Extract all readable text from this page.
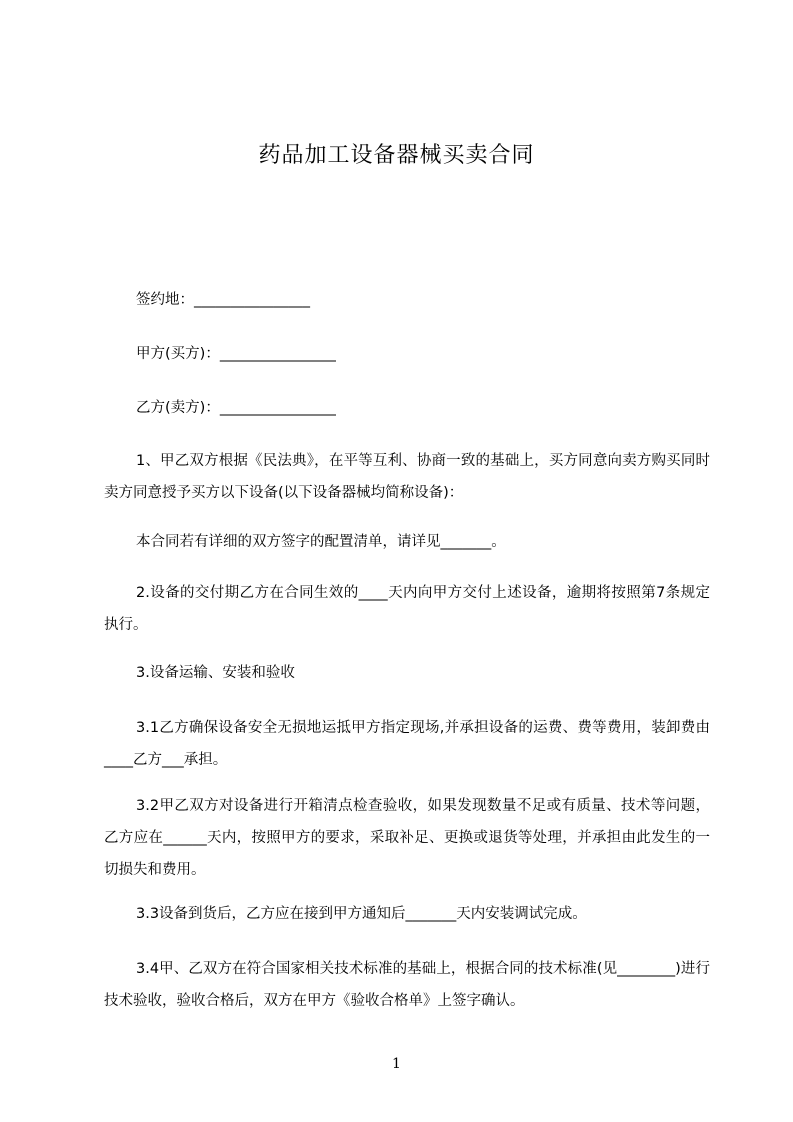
药品加工设备器械买卖合同
签约地：________________
甲方(买方)：________________
乙方(卖方)：________________
1、甲乙双方根据《民法典》，在平等互利、协商一致的基础上，买方同意向卖方购买同时卖方同意授予买方以下设备(以下设备器械均简称设备)：
本合同若有详细的双方签字的配置清单，请详见_______。
2.设备的交付期乙方在合同生效的____天内向甲方交付上述设备，逾期将按照第7条规定执行。
3.设备运输、安装和验收
3.1乙方确保设备安全无损地运抵甲方指定现场,并承担设备的运费、费等费用，装卸费由____乙方___承担。
3.2甲乙双方对设备进行开箱清点检查验收，如果发现数量不足或有质量、技术等问题，乙方应在______天内，按照甲方的要求，采取补足、更换或退货等处理，并承担由此发生的一切损失和费用。
3.3设备到货后，乙方应在接到甲方通知后_______天内安装调试完成。
3.4甲、乙双方在符合国家相关技术标准的基础上，根据合同的技术标准(见________)进行技术验收，验收合格后，双方在甲方《验收合格单》上签字确认。
1
